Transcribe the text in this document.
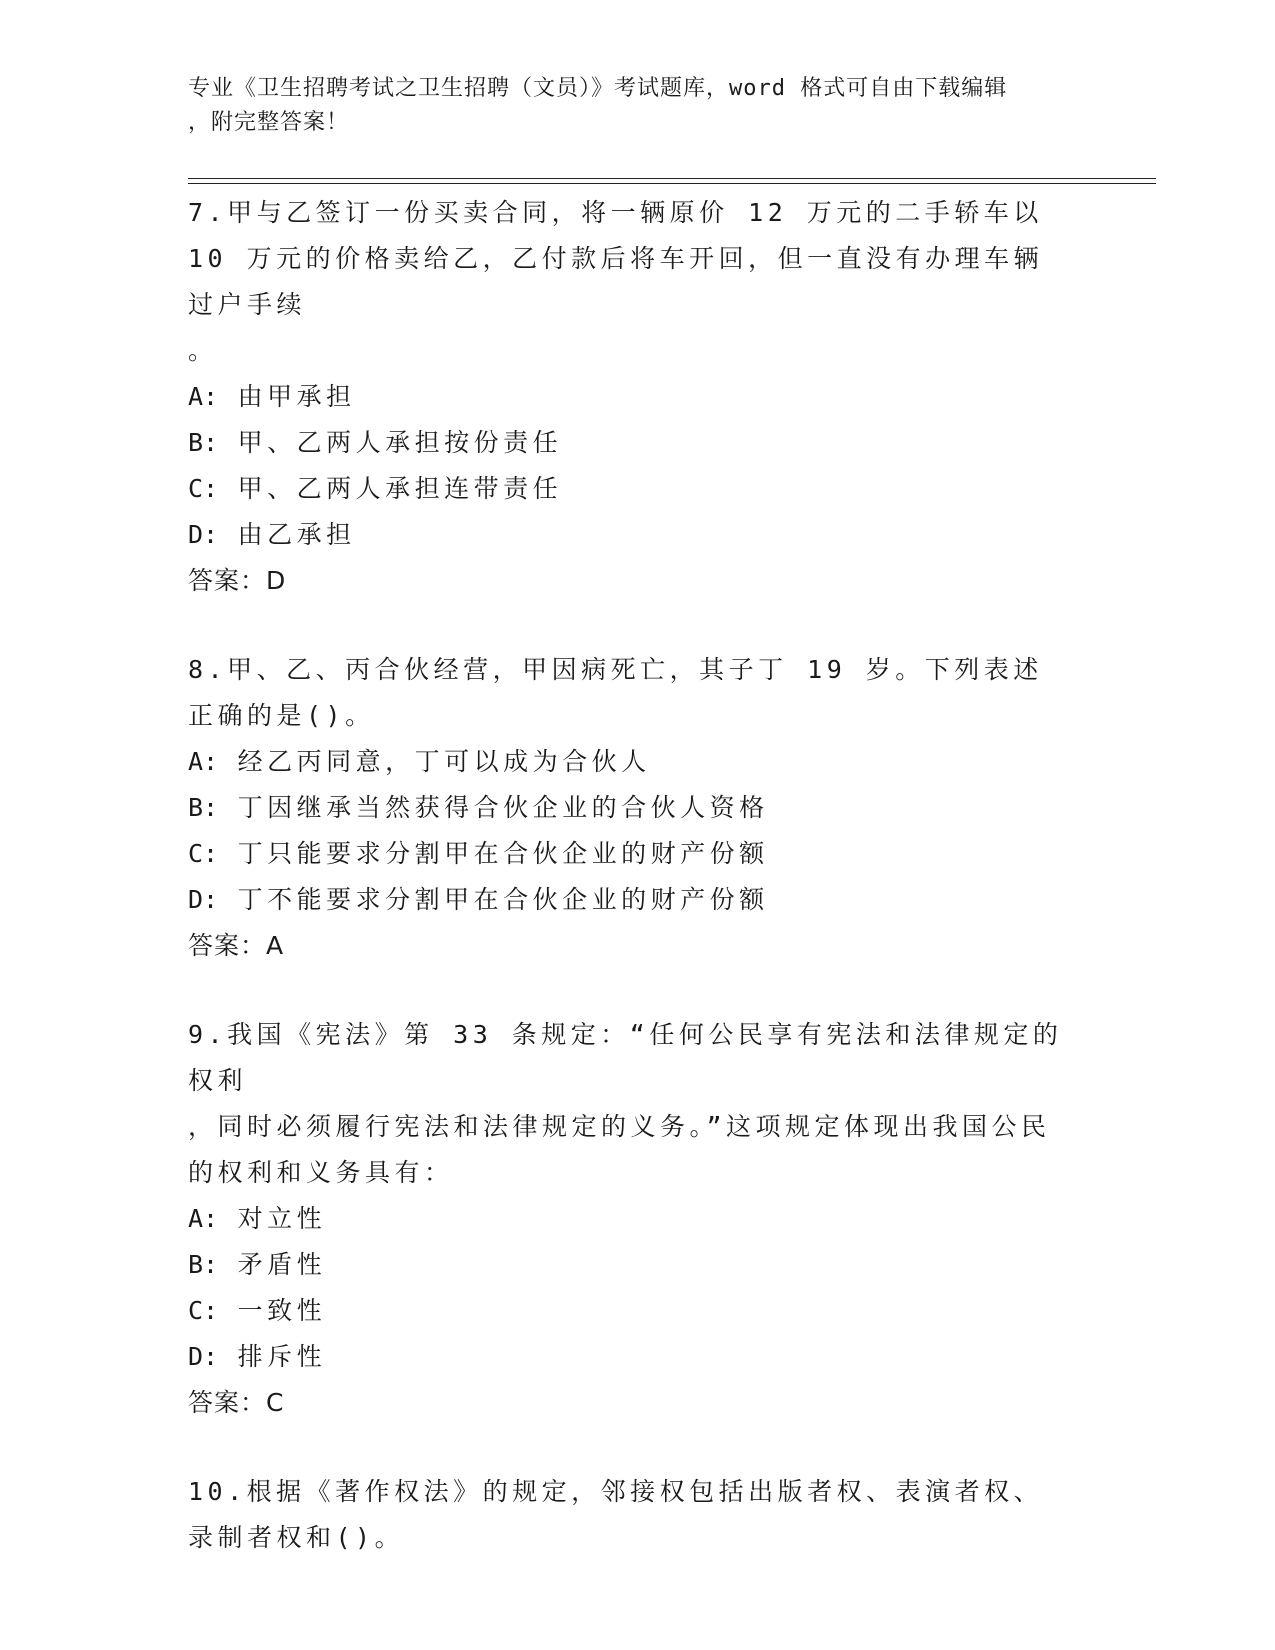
专业《卫生招聘考试之卫生招聘（文员）》考试题库，word 格式可自由下载编辑
，附完整答案！
7.甲与乙签订一份买卖合同，将一辆原价 12 万元的二手轿车以 10 万元的价格卖给乙，乙付款后将车开回，但一直没有办理车辆过户手续
。
A: 由甲承担
B: 甲、乙两人承担按份责任
C: 甲、乙两人承担连带责任
D: 由乙承担
答案：D
8.甲、乙、丙合伙经营，甲因病死亡，其子丁 19 岁。下列表述正确的是()。
A: 经乙丙同意，丁可以成为合伙人
B: 丁因继承当然获得合伙企业的合伙人资格
C: 丁只能要求分割甲在合伙企业的财产份额
D: 丁不能要求分割甲在合伙企业的财产份额
答案：A
9.我国《宪法》第 33 条规定：“任何公民享有宪法和法律规定的权利
，同时必须履行宪法和法律规定的义务。”这项规定体现出我国公民
的权利和义务具有：
A: 对立性
B: 矛盾性
C: 一致性
D: 排斥性
答案：C
10.根据《著作权法》的规定，邻接权包括出版者权、表演者权、录制者权和()。
